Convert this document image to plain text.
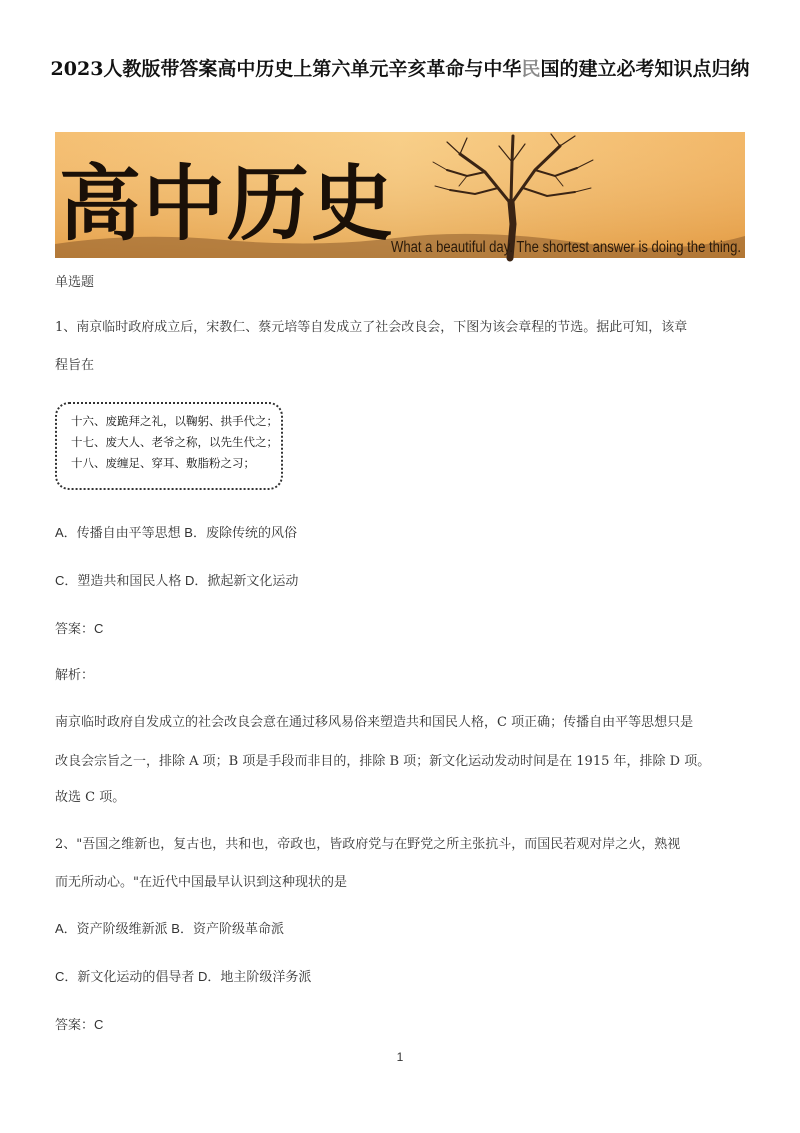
2023人教版带答案高中历史上第六单元辛亥革命与中华民国的建立必考知识点归纳
高中历史
What a beautiful day. The shortest answer is doing the thing.
单选题
1、南京临时政府成立后，宋教仁、蔡元培等自发成立了社会改良会，下图为该会章程的节选。据此可知，该章
程旨在
十六、废跪拜之礼，以鞠躬、拱手代之；
十七、废大人、老爷之称，以先生代之；
十八、废缠足、穿耳、敷脂粉之习；
A．传播自由平等思想 B．废除传统的风俗
C．塑造共和国民人格 D．掀起新文化运动
答案：C
解析：
南京临时政府自发成立的社会改良会意在通过移风易俗来塑造共和国民人格，C 项正确；传播自由平等思想只是
改良会宗旨之一，排除 A 项；B 项是手段而非目的，排除 B 项；新文化运动发动时间是在 1915 年，排除 D 项。
故选 C 项。
2、"吾国之维新也，复古也，共和也，帝政也，皆政府党与在野党之所主张抗斗，而国民若观对岸之火，熟视
而无所动心。"在近代中国最早认识到这种现状的是
A．资产阶级维新派 B．资产阶级革命派
C．新文化运动的倡导者 D．地主阶级洋务派
答案：C
1
